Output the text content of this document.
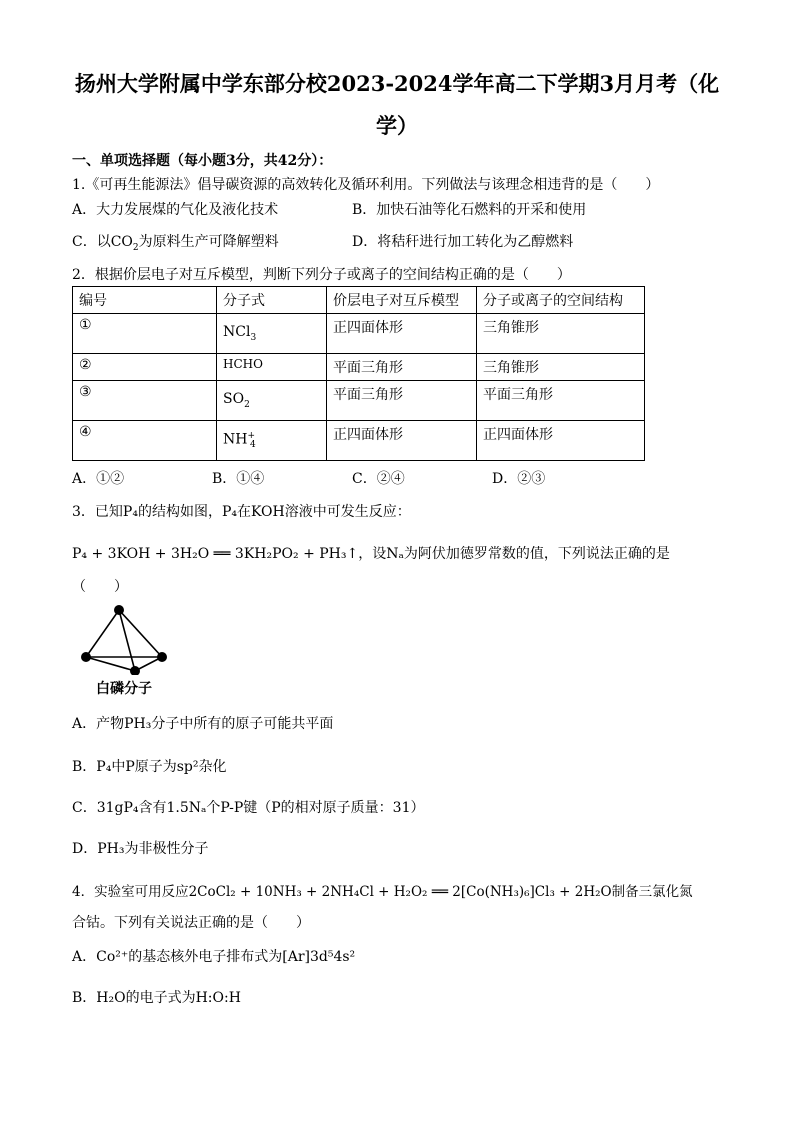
扬州大学附属中学东部分校2023-2024学年高二下学期3月月考（化
学）
一、单项选择题（每小题3分，共42分）：
1.《可再生能源法》倡导碳资源的高效转化及循环利用。下列做法与该理念相违背的是（　　）
A．大力发展煤的气化及液化技术	B．加快石油等化石燃料的开采和使用
C．以$CO_2$为原料生产可降解塑料	D．将秸秆进行加工转化为乙醇燃料
2．根据价层电子对互斥模型，判断下列分子或离子的空间结构正确的是（　　）
编号	分子式	价层电子对互斥模型	分子或离子的空间结构
①	NCl$_3$	正四面体形	三角锥形
②	HCHO	平面三角形	三角锥形
③	$SO_2$	平面三角形	平面三角形
④	$NH^+_4$	正四面体形	正四面体形
A．①②	B．①④	C．②④	D．②③
3．已知P₄的结构如图，P₄在KOH溶液中可发生反应：
P₄ + 3KOH + 3H₂O ══ 3KH₂PO₂ + PH₃↑，设Nₐ为阿伏加德罗常数的值，下列说法正确的是
（　　）
白磷分子
A．产物PH₃分子中所有的原子可能共平面
B．P₄中P原子为sp²杂化
C．31gP₄含有1.5Nₐ个P-P键（P的相对原子质量：31）
D．PH₃为非极性分子
4．实验室可用反应2CoCl₂ + 10NH₃ + 2NH₄Cl + H₂O₂ ══ 2[Co(NH₃)₆]Cl₃ + 2H₂O制备三氯化氮
合钴。下列有关说法正确的是（　　）
A．Co²⁺的基态核外电子排布式为[Ar]3d⁵4s²
B．H₂O的电子式为H:O:H
